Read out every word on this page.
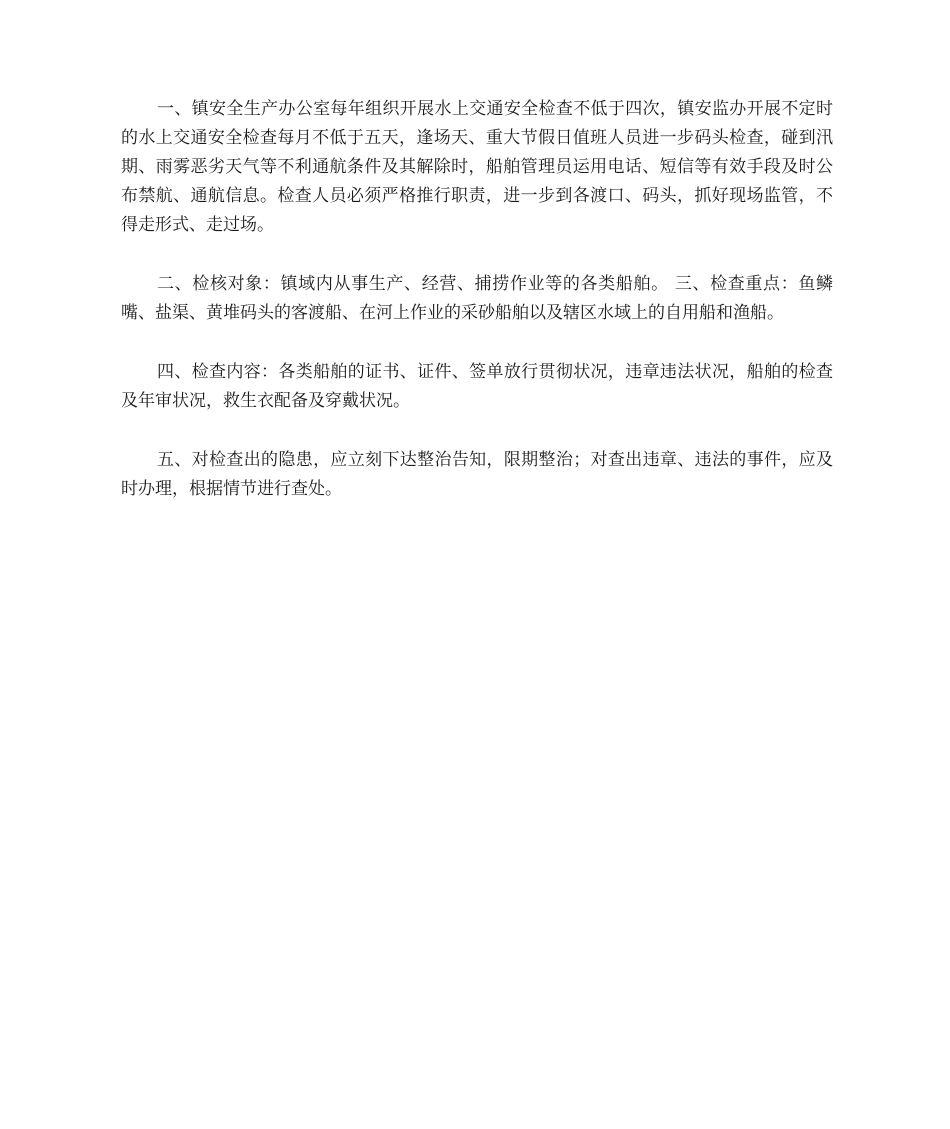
一、镇安全生产办公室每年组织开展水上交通安全检查不低于四次，镇安监办开展不定时的水上交通安全检查每月不低于五天，逢场天、重大节假日值班人员进一步码头检查，碰到汛期、雨雾恶劣天气等不利通航条件及其解除时，船舶管理员运用电话、短信等有效手段及时公布禁航、通航信息。检查人员必须严格推行职责，进一步到各渡口、码头，抓好现场监管，不得走形式、走过场。

二、检核对象：镇域内从事生产、经营、捕捞作业等的各类船舶。 三、检查重点：鱼鳞嘴、盐渠、黄堆码头的客渡船、在河上作业的采砂船舶以及辖区水域上的自用船和渔船。

四、检查内容：各类船舶的证书、证件、签单放行贯彻状况，违章违法状况，船舶的检查及年审状况，救生衣配备及穿戴状况。

五、对检查出的隐患，应立刻下达整治告知，限期整治；对查出违章、违法的事件，应及时办理，根据情节进行查处。
